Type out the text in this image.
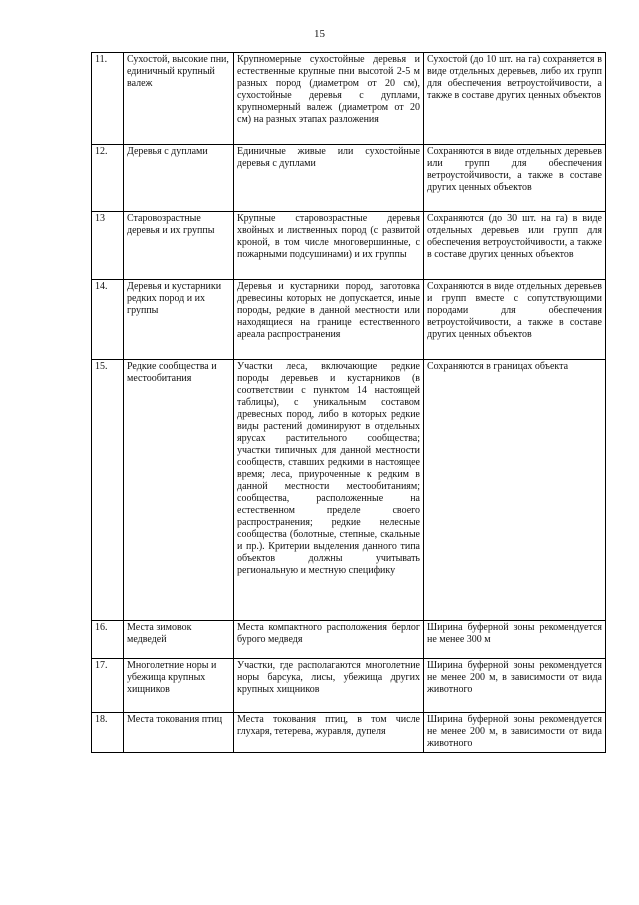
15
11.	Сухостой, высокие пни, единичный крупный валеж	Крупномерные сухостойные деревья и естественные крупные пни высотой 2-5 м разных пород (диаметром от 20 см), сухостойные деревья с дуплами, крупномерный валеж (диаметром от 20 см) на разных этапах разложения	Сухостой (до 10 шт. на га) сохраняется в виде отдельных деревьев, либо их групп для обеспечения ветроустойчивости, а также в составе других ценных объектов
12.	Деревья с дуплами	Единичные живые или сухостойные деревья с дуплами	Сохраняются в виде отдельных деревьев или групп для обеспечения ветроустойчивости, а также в составе других ценных объектов
13	Старовозрастные деревья и их группы	Крупные старовозрастные деревья хвойных и лиственных пород (с развитой кроной, в том числе многовершинные, с пожарными подсушинами) и их группы	Сохраняются (до 30 шт. на га) в виде отдельных деревьев или групп для обеспечения ветроустойчивости, а также в составе других ценных объектов
14.	Деревья и кустарники редких пород и их группы	Деревья и кустарники пород, заготовка древесины которых не допускается, иные породы, редкие в данной местности или находящиеся на границе естественного ареала распространения	Сохраняются в виде отдельных деревьев и групп вместе с сопутствующими породами для обеспечения ветроустойчивости, а также в составе других ценных объектов
15.	Редкие сообщества и местообитания	Участки леса, включающие редкие породы деревьев и кустарников (в соответствии с пунктом 14 настоящей таблицы), с уникальным составом древесных пород, либо в которых редкие виды растений доминируют в отдельных ярусах растительного сообщества; участки типичных для данной местности сообществ, ставших редкими в настоящее время; леса, приуроченные к редким в данной местности местообитаниям; сообщества, расположенные на естественном пределе своего распространения; редкие нелесные сообщества (болотные, степные, скальные и пр.). Критерии выделения данного типа объектов должны учитывать региональную и местную специфику	Сохраняются в границах объекта
16.	Места зимовок медведей	Места компактного расположения берлог бурого медведя	Ширина буферной зоны рекомендуется не менее 300 м
17.	Многолетние норы и убежища крупных хищников	Участки, где располагаются многолетние норы барсука, лисы, убежища других крупных хищников	Ширина буферной зоны рекомендуется не менее 200 м, в зависимости от вида животного
18.	Места токования птиц	Места токования птиц, в том числе глухаря, тетерева, журавля, дупеля	Ширина буферной зоны рекомендуется не менее 200 м, в зависимости от вида животного
